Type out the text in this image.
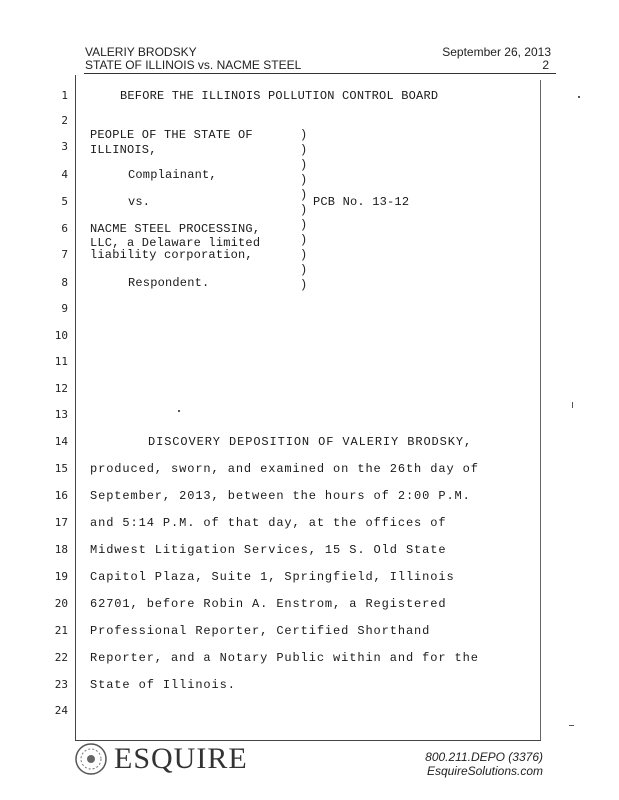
VALERIY BRODSKY
STATE OF ILLINOIS vs. NACME STEEL
September 26, 2013
2
1
2
3
4
5
6
7
8
9
10
11
12
13
14
15
16
17
18
19
20
21
22
23
24
BEFORE THE ILLINOIS POLLUTION CONTROL BOARD
PEOPLE OF THE STATE OF
ILLINOIS,
Complainant,
vs.	PCB No. 13-12
NACME STEEL PROCESSING,
LLC, a Delaware limited
liability corporation,
Respondent.
)
)
)
)
)
)
)
)
)
)
)
DISCOVERY DEPOSITION OF VALERIY BRODSKY,
produced, sworn, and examined on the 26th day of
September, 2013, between the hours of 2:00 P.M.
and 5:14 P.M. of that day, at the offices of
Midwest Litigation Services, 15 S. Old State
Capitol Plaza, Suite 1, Springfield, Illinois
62701, before Robin A. Enstrom, a Registered
Professional Reporter, Certified Shorthand
Reporter, and a Notary Public within and for the
State of Illinois.
ESQUIRE	800.211.DEPO (3376)
EsquireSolutions.com
